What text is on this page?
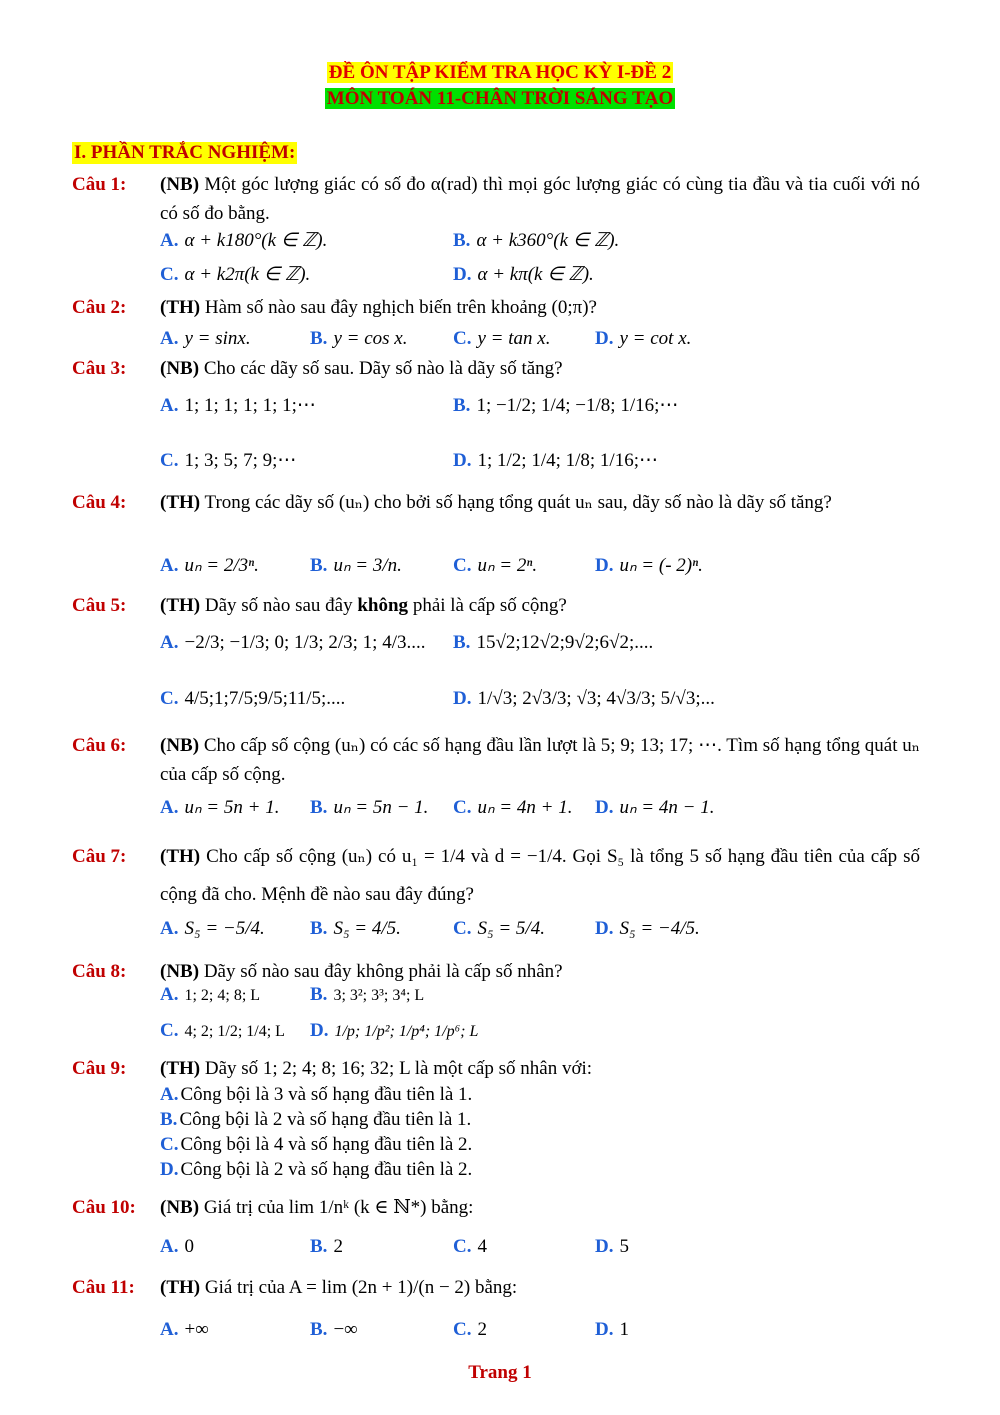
ĐỀ ÔN TẬP KIỂM TRA HỌC KỲ I-ĐỀ 2
MÔN TOÁN 11-CHÂN TRỜI SÁNG TẠO
I. PHẦN TRẮC NGHIỆM:
Câu 1: (NB) Một góc lượng giác có số đo α(rad) thì mọi góc lượng giác có cùng tia đầu và tia cuối với nó có số đo bằng.
A. α + k180°(k ∈ ℤ).	B. α + k360°(k ∈ ℤ).
C. α + k2π(k ∈ ℤ).	D. α + kπ(k ∈ ℤ).
Câu 2: (TH) Hàm số nào sau đây nghịch biến trên khoảng (0;π)?
A. y = sinx.	B. y = cos x. C. y = tan x. D. y = cot x.
Câu 3: (NB) Cho các dãy số sau. Dãy số nào là dãy số tăng?
A. 1; 1; 1; 1; 1; 1;⋯	B. 1; −1/2; 1/4; −1/8; 1/16;⋯
C. 1; 3; 5; 7; 9;⋯	D. 1; 1/2; 1/4; 1/8; 1/16;⋯
Câu 4: (TH) Trong các dãy số (uₙ) cho bởi số hạng tổng quát uₙ sau, dãy số nào là dãy số tăng?
A. uₙ = 2/3ⁿ.	B. uₙ = 3/n.	C. uₙ = 2ⁿ.	D. uₙ = (- 2)ⁿ.
Câu 5: (TH) Dãy số nào sau đây không phải là cấp số cộng?
A. −2/3; −1/3; 0; 1/3; 2/3; 1; 4/3.... B. 15√2;12√2;9√2;6√2;....
C. 4/5;1;7/5;9/5;11/5;....	D. 1/√3; 2√3/3; √3; 4√3/3; 5/√3;...
Câu 6: (NB) Cho cấp số cộng (uₙ) có các số hạng đầu lần lượt là 5; 9; 13; 17; ⋯. Tìm số hạng tổng quát uₙ của cấp số cộng.
A. uₙ = 5n + 1. B. uₙ = 5n − 1. C. uₙ = 4n + 1. D. uₙ = 4n − 1.
Câu 7: (TH) Cho cấp số cộng (uₙ) có u₁ = 1/4 và d = −1/4. Gọi S₅ là tổng 5 số hạng đầu tiên của cấp số cộng đã cho. Mệnh đề nào sau đây đúng?
A. S₅ = −5/4. B. S₅ = 4/5.	C. S₅ = 5/4.	D. S₅ = −4/5.
Câu 8: (NB) Dãy số nào sau đây không phải là cấp số nhân?
A. 1; 2; 4; 8; L	B. 3; 3²; 3³; 3⁴; L
C. 4; 2; 1/2; 1/4; L D. 1/p; 1/p²; 1/p⁴; 1/p⁶; L
Câu 9: (TH) Dãy số 1; 2; 4; 8; 16; 32; L là một cấp số nhân với:
A. Công bội là 3 và số hạng đầu tiên là 1.
B. Công bội là 2 và số hạng đầu tiên là 1.
C. Công bội là 4 và số hạng đầu tiên là 2.
D. Công bội là 2 và số hạng đầu tiên là 2.
Câu 10: (NB) Giá trị của lim 1/nᵏ (k ∈ ℕ*) bằng:
A. 0	B. 2	C. 4	D. 5
Câu 11: (TH) Giá trị của A = lim (2n + 1)/(n − 2) bằng:
A. +∞	B. −∞	C. 2	D. 1
Trang 1
